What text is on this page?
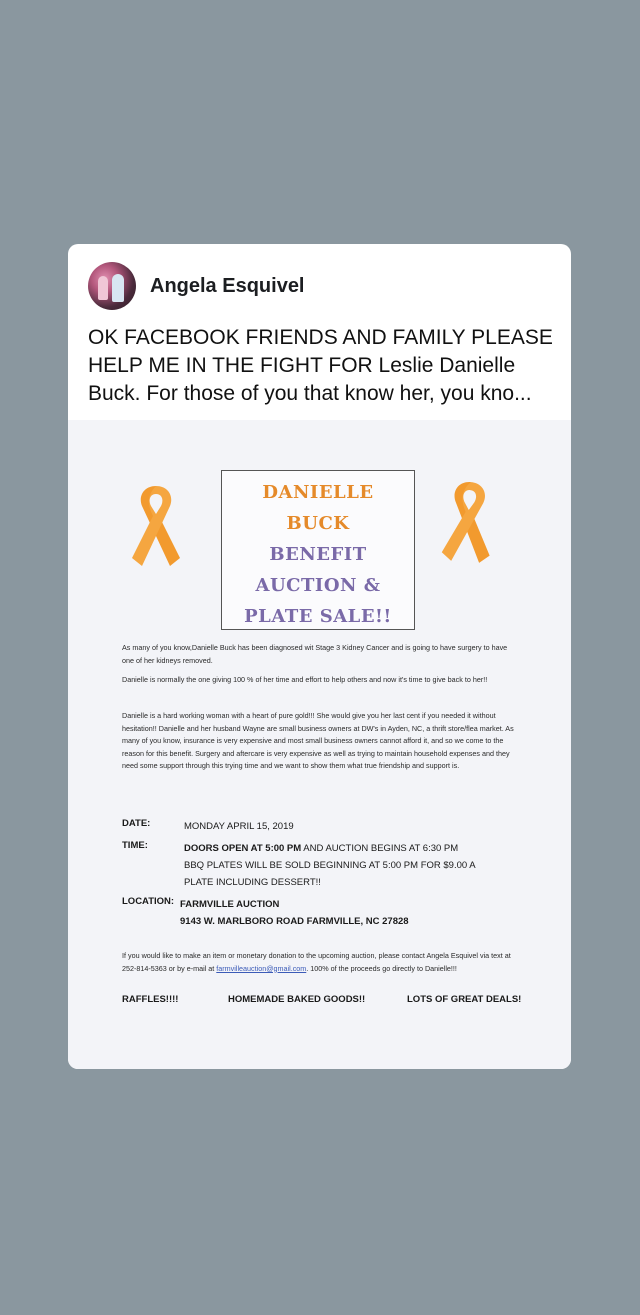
Angela Esquivel
OK FACEBOOK FRIENDS AND FAMILY PLEASE HELP ME IN THE FIGHT FOR Leslie Danielle Buck. For those of you that know her, you kno...
DANIELLE
BUCK
BENEFIT
AUCTION &
PLATE SALE!!
As many of you know,Danielle Buck has been diagnosed wit Stage 3 Kidney Cancer and is going to have surgery to have one of her kidneys removed.
Danielle is normally the one giving 100 % of her time and effort to help others and now it's time to give back to her!!
Danielle is a hard working woman with a heart of pure gold!!! She would give you her last cent if you needed it without hesitation!! Danielle and her husband Wayne are small business owners at DW's in Ayden, NC, a thrift store/flea market. As many of you know, insurance is very expensive and most small business owners cannot afford it, and so we come to the reason for this benefit. Surgery and aftercare is very expensive as well as trying to maintain household expenses and they need some support through this trying time and we want to show them what true friendship and support is.
DATE:	MONDAY APRIL 15, 2019
TIME:	DOORS OPEN AT 5:00 PM AND AUCTION BEGINS AT 6:30 PM
BBQ PLATES WILL BE SOLD BEGINNING AT 5:00 PM FOR $9.00 A
PLATE INCLUDING DESSERT!!
LOCATION: FARMVILLE AUCTION
9143 W. MARLBORO ROAD FARMVILLE, NC 27828
If you would like to make an item or monetary donation to the upcoming auction, please contact Angela Esquivel via text at 252-814-5363 or by e-mail at farmvilleauction@gmail.com. 100% of the proceeds go directly to Danielle!!!
RAFFLES!!!!	HOMEMADE BAKED GOODS!!	LOTS OF GREAT DEALS!
